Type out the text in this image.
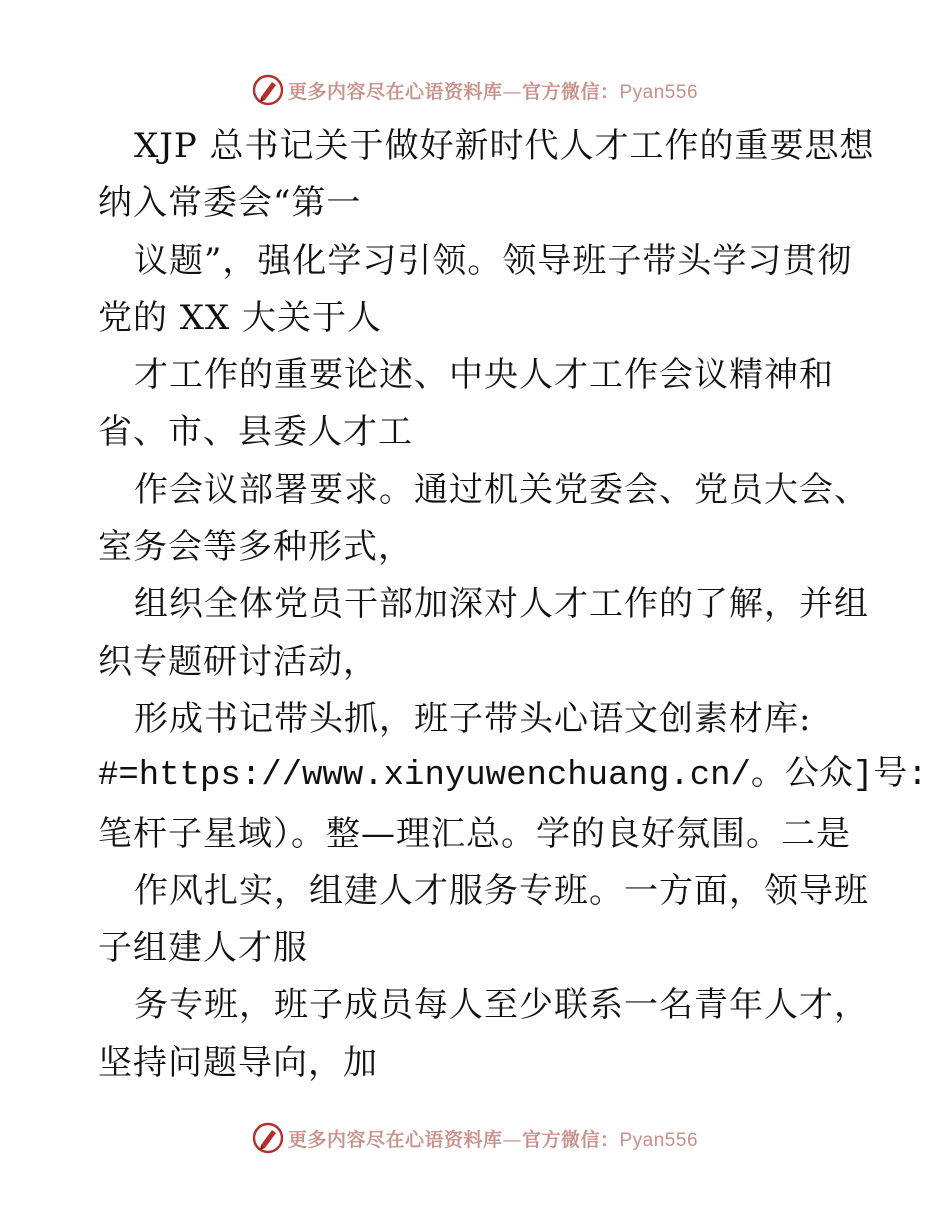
更多内容尽在心语资料库—官方微信：Pyan556
XJP 总书记关于做好新时代人才工作的重要思想
纳入常委会“第一
议题”，强化学习引领。领导班子带头学习贯彻
党的 XX 大关于人
才工作的重要论述、中央人才工作会议精神和
省、市、县委人才工
作会议部署要求。通过机关党委会、党员大会、
室务会等多种形式，
组织全体党员干部加深对人才工作的了解，并组
织专题研讨活动，
形成书记带头抓，班子带头心语文创素材库:
#=https://www.xinyuwenchuang.cn/。公众]号:
笔杆子星域）。整—理汇总。学的良好氛围。二是
作风扎实，组建人才服务专班。一方面，领导班
子组建人才服
务专班，班子成员每人至少联系一名青年人才，
坚持问题导向，加
更多内容尽在心语资料库—官方微信：Pyan556
